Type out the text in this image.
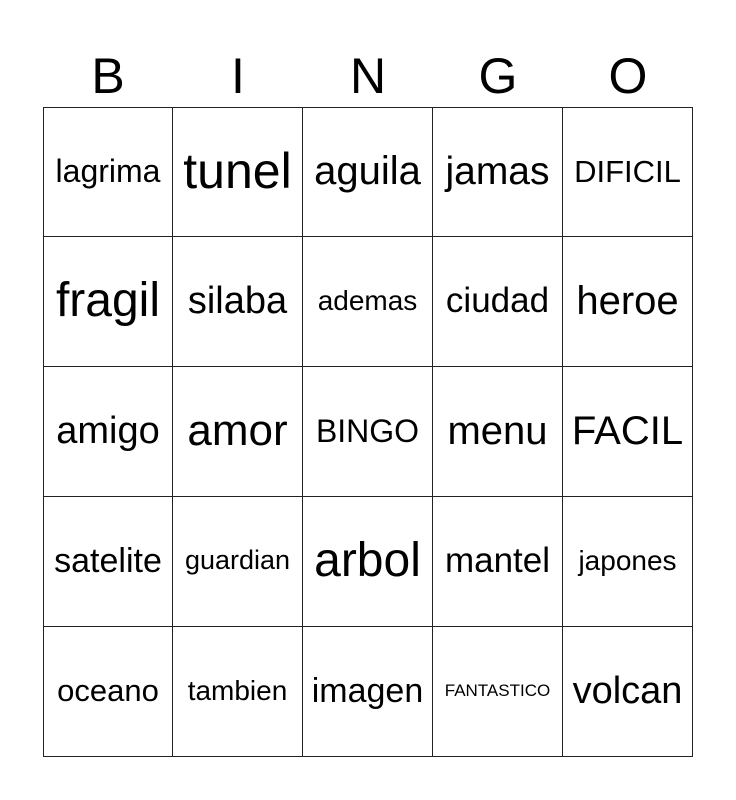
B	I	N	G	O
lagrima tunel aguila jamas DIFICIL
fragil silaba	ademas ciudad heroe
amigo amor BINGO menu FACIL
satelite guardian arbol mantel	japones
oceano	tambien imagen	FANTASTICO volcan
